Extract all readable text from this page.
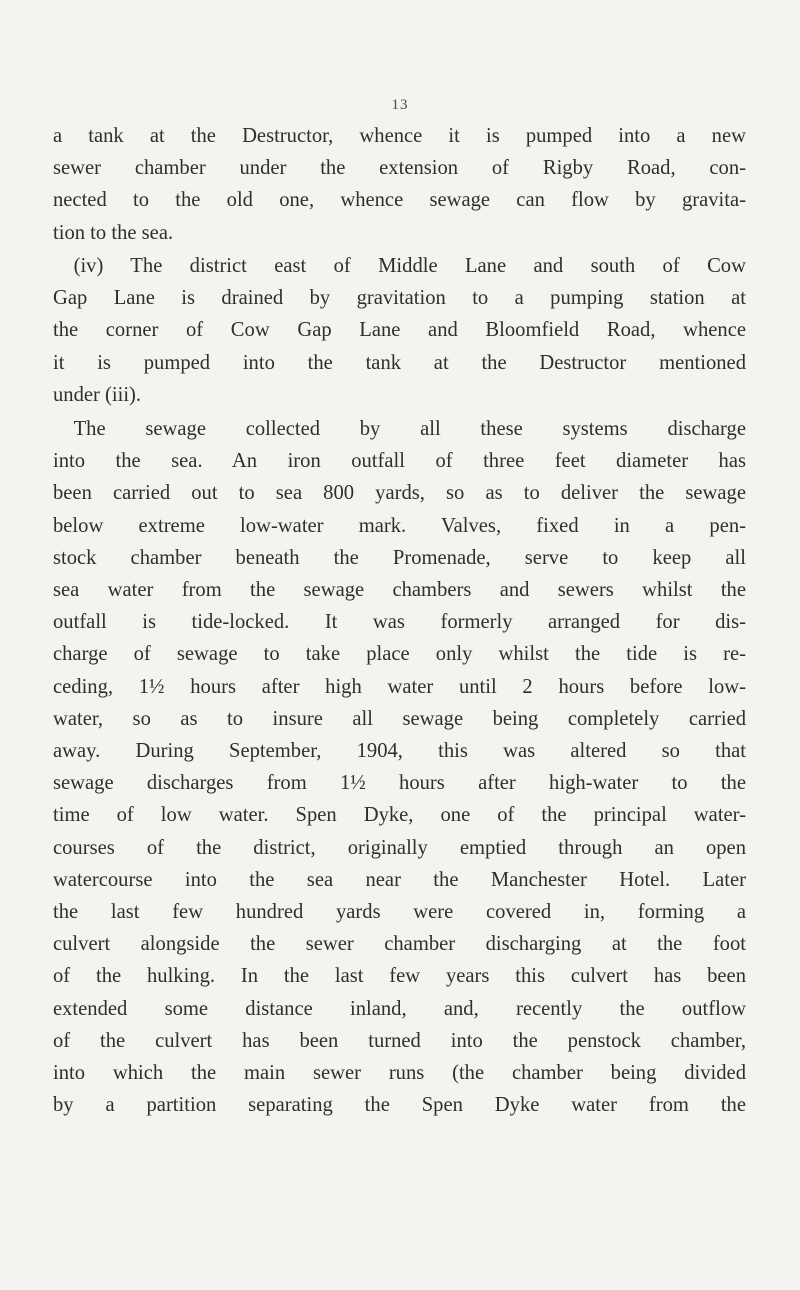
13

a tank at the Destructor, whence it is pumped into a new
sewer chamber under the extension of Rigby Road, con-
nected to the old one, whence sewage can flow by gravita-
tion to the sea.

(iv) The district east of Middle Lane and south of Cow
Gap Lane is drained by gravitation to a pumping station at
the corner of Cow Gap Lane and Bloomfield Road, whence
it is pumped into the tank at the Destructor mentioned
under (iii).

The sewage collected by all these systems discharge
into the sea. An iron outfall of three feet diameter has
been carried out to sea 800 yards, so as to deliver the sewage
below extreme low-water mark. Valves, fixed in a pen-
stock chamber beneath the Promenade, serve to keep all
sea water from the sewage chambers and sewers whilst the
outfall is tide-locked. It was formerly arranged for dis-
charge of sewage to take place only whilst the tide is re-
ceding, 1½ hours after high water until 2 hours before low-
water, so as to insure all sewage being completely carried
away. During September, 1904, this was altered so that
sewage discharges from 1½ hours after high-water to the
time of low water. Spen Dyke, one of the principal water-
courses of the district, originally emptied through an open
watercourse into the sea near the Manchester Hotel. Later
the last few hundred yards were covered in, forming a
culvert alongside the sewer chamber discharging at the foot
of the hulking. In the last few years this culvert has been
extended some distance inland, and, recently the outflow
of the culvert has been turned into the penstock chamber,
into which the main sewer runs (the chamber being divided
by a partition separating the Spen Dyke water from the
